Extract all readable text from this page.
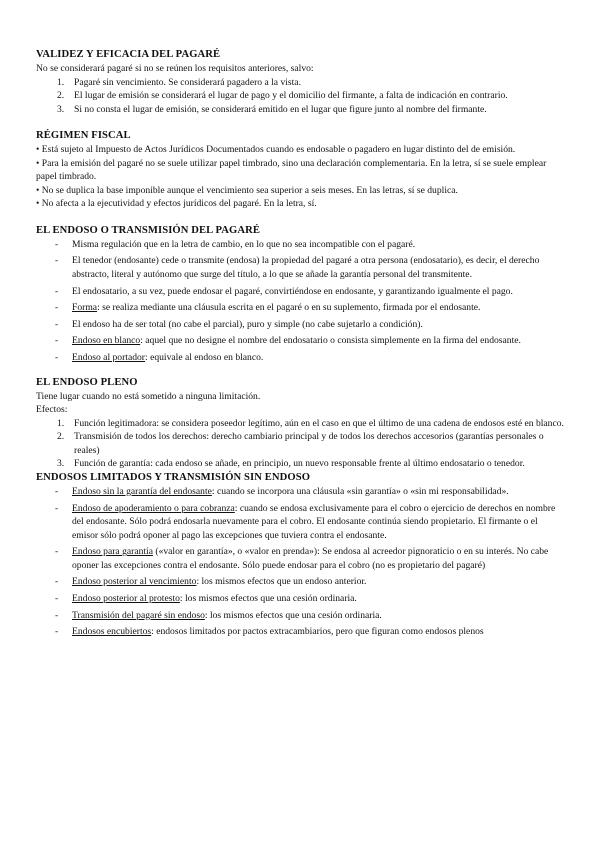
VALIDEZ Y EFICACIA DEL PAGARÉ

No se considerará pagaré si no se reúnen los requisitos anteriores, salvo:

1. Pagaré sin vencimiento. Se considerará pagadero a la vista.
2. El lugar de emisión se considerará el lugar de pago y el domicilio del firmante, a falta de indicación en contrario.
3. Si no consta el lugar de emisión, se considerará emitido en el lugar que figure junto al nombre del firmante.

RÉGIMEN FISCAL

• Está sujeto al Impuesto de Actos Jurídicos Documentados cuando es endosable o pagadero en lugar distinto del de emisión.

• Para la emisión del pagaré no se suele utilizar papel timbrado, sino una declaración complementaria. En la letra, sí se suele emplear papel timbrado.

• No se duplica la base imponible aunque el vencimiento sea superior a seis meses. En las letras, sí se duplica.

• No afecta a la ejecutividad y efectos jurídicos del pagaré. En la letra, sí.

EL ENDOSO O TRANSMISIÓN DEL PAGARÉ

- Misma regulación que en la letra de cambio, en lo que no sea incompatible con el pagaré.
- El tenedor (endosante) cede o transmite (endosa) la propiedad del pagaré a otra persona (endosatario), es decir, el derecho abstracto, literal y autónomo que surge del título, a lo que se añade la garantía personal del transmitente.
- El endosatario, a su vez, puede endosar el pagaré, convirtiéndose en endosante, y garantizando igualmente el pago.
- Forma: se realiza mediante una cláusula escrita en el pagaré o en su suplemento, firmada por el endosante.
- El endoso ha de ser total (no cabe el parcial), puro y simple (no cabe sujetarlo a condición).
- Endoso en blanco: aquel que no designe el nombre del endosatario o consista simplemente en la firma del endosante.
- Endoso al portador: equivale al endoso en blanco.

EL ENDOSO PLENO

Tiene lugar cuando no está sometido a ninguna limitación.

Efectos:

1. Función legitimadora: se considera poseedor legítimo, aún en el caso en que el último de una cadena de endosos esté en blanco.
2. Transmisión de todos los derechos: derecho cambiario principal y de todos los derechos accesorios (garantías personales o reales)
3. Función de garantía: cada endoso se añade, en principio, un nuevo responsable frente al último endosatario o tenedor.

ENDOSOS LIMITADOS Y TRANSMISIÓN SIN ENDOSO

- Endoso sin la garantía del endosante: cuando se incorpora una cláusula «sin garantía» o «sin mi responsabilidad».
- Endoso de apoderamiento o para cobranza: cuando se endosa exclusivamente para el cobro o ejercicio de derechos en nombre del endosante. Sólo podrá endosarla nuevamente para el cobro. El endosante continúa siendo propietario. El firmante o el emisor sólo podrá oponer al pago las excepciones que tuviera contra el endosante.
- Endoso para garantía («valor en garantía», o «valor en prenda»): Se endosa al acreedor pignoraticio o en su interés. No cabe oponer las excepciones contra el endosante. Sólo puede endosar para el cobro (no es propietario del pagaré)
- Endoso posterior al vencimiento: los mismos efectos que un endoso anterior.
- Endoso posterior al protesto: los mismos efectos que una cesión ordinaria.
- Transmisión del pagaré sin endoso: los mismos efectos que una cesión ordinaria.
- Endosos encubiertos: endosos limitados por pactos extracambiarios, pero que figuran como endosos plenos
